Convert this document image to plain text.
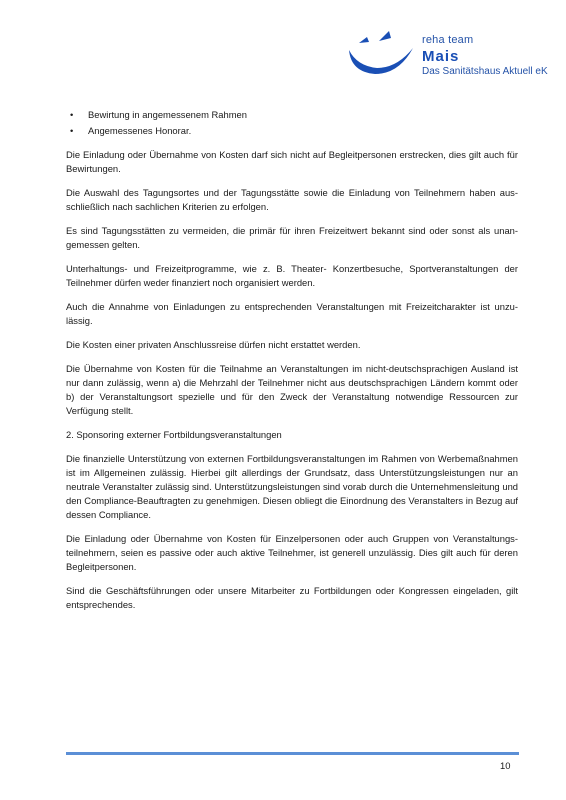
reha team
Mais
Das Sanitätshaus Aktuell eK
• Bewirtung in angemessenem Rahmen
• Angemessenes Honorar.

Die Einladung oder Übernahme von Kosten darf sich nicht auf Begleitpersonen erstrecken, dies gilt auch für Bewirtungen.

Die Auswahl des Tagungsortes und der Tagungsstätte sowie die Einladung von Teilnehmern haben ausschließlich nach sachlichen Kriterien zu erfolgen.

Es sind Tagungsstätten zu vermeiden, die primär für ihren Freizeitwert bekannt sind oder sonst als unangemessen gelten.

Unterhaltungs- und Freizeitprogramme, wie z. B. Theater- Konzertbesuche, Sportveranstaltungen der Teilnehmer dürfen weder finanziert noch organisiert werden.

Auch die Annahme von Einladungen zu entsprechenden Veranstaltungen mit Freizeitcharakter ist unzulässig.

Die Kosten einer privaten Anschlussreise dürfen nicht erstattet werden.

Die Übernahme von Kosten für die Teilnahme an Veranstaltungen im nicht-deutschsprachigen Ausland ist nur dann zulässig, wenn a) die Mehrzahl der Teilnehmer nicht aus deutschsprachigen Ländern kommt oder b) der Veranstaltungsort spezielle und für den Zweck der Veranstaltung notwendige Ressourcen zur Verfügung stellt.

2. Sponsoring externer Fortbildungsveranstaltungen

Die finanzielle Unterstützung von externen Fortbildungsveranstaltungen im Rahmen von Werbemaßnahmen ist im Allgemeinen zulässig. Hierbei gilt allerdings der Grundsatz, dass Unterstützungsleistungen nur an neutrale Veranstalter zulässig sind. Unterstützungsleistungen sind vorab durch die Unternehmensleitung und den Compliance-Beauftragten zu genehmigen. Diesen obliegt die Einordnung des Veranstalters in Bezug auf dessen Compliance.

Die Einladung oder Übernahme von Kosten für Einzelpersonen oder auch Gruppen von Veranstaltungsteilnehmern, seien es passive oder auch aktive Teilnehmer, ist generell unzulässig. Dies gilt auch für deren Begleitpersonen.

Sind die Geschäftsführungen oder unsere Mitarbeiter zu Fortbildungen oder Kongressen eingeladen, gilt entsprechendes.

10
